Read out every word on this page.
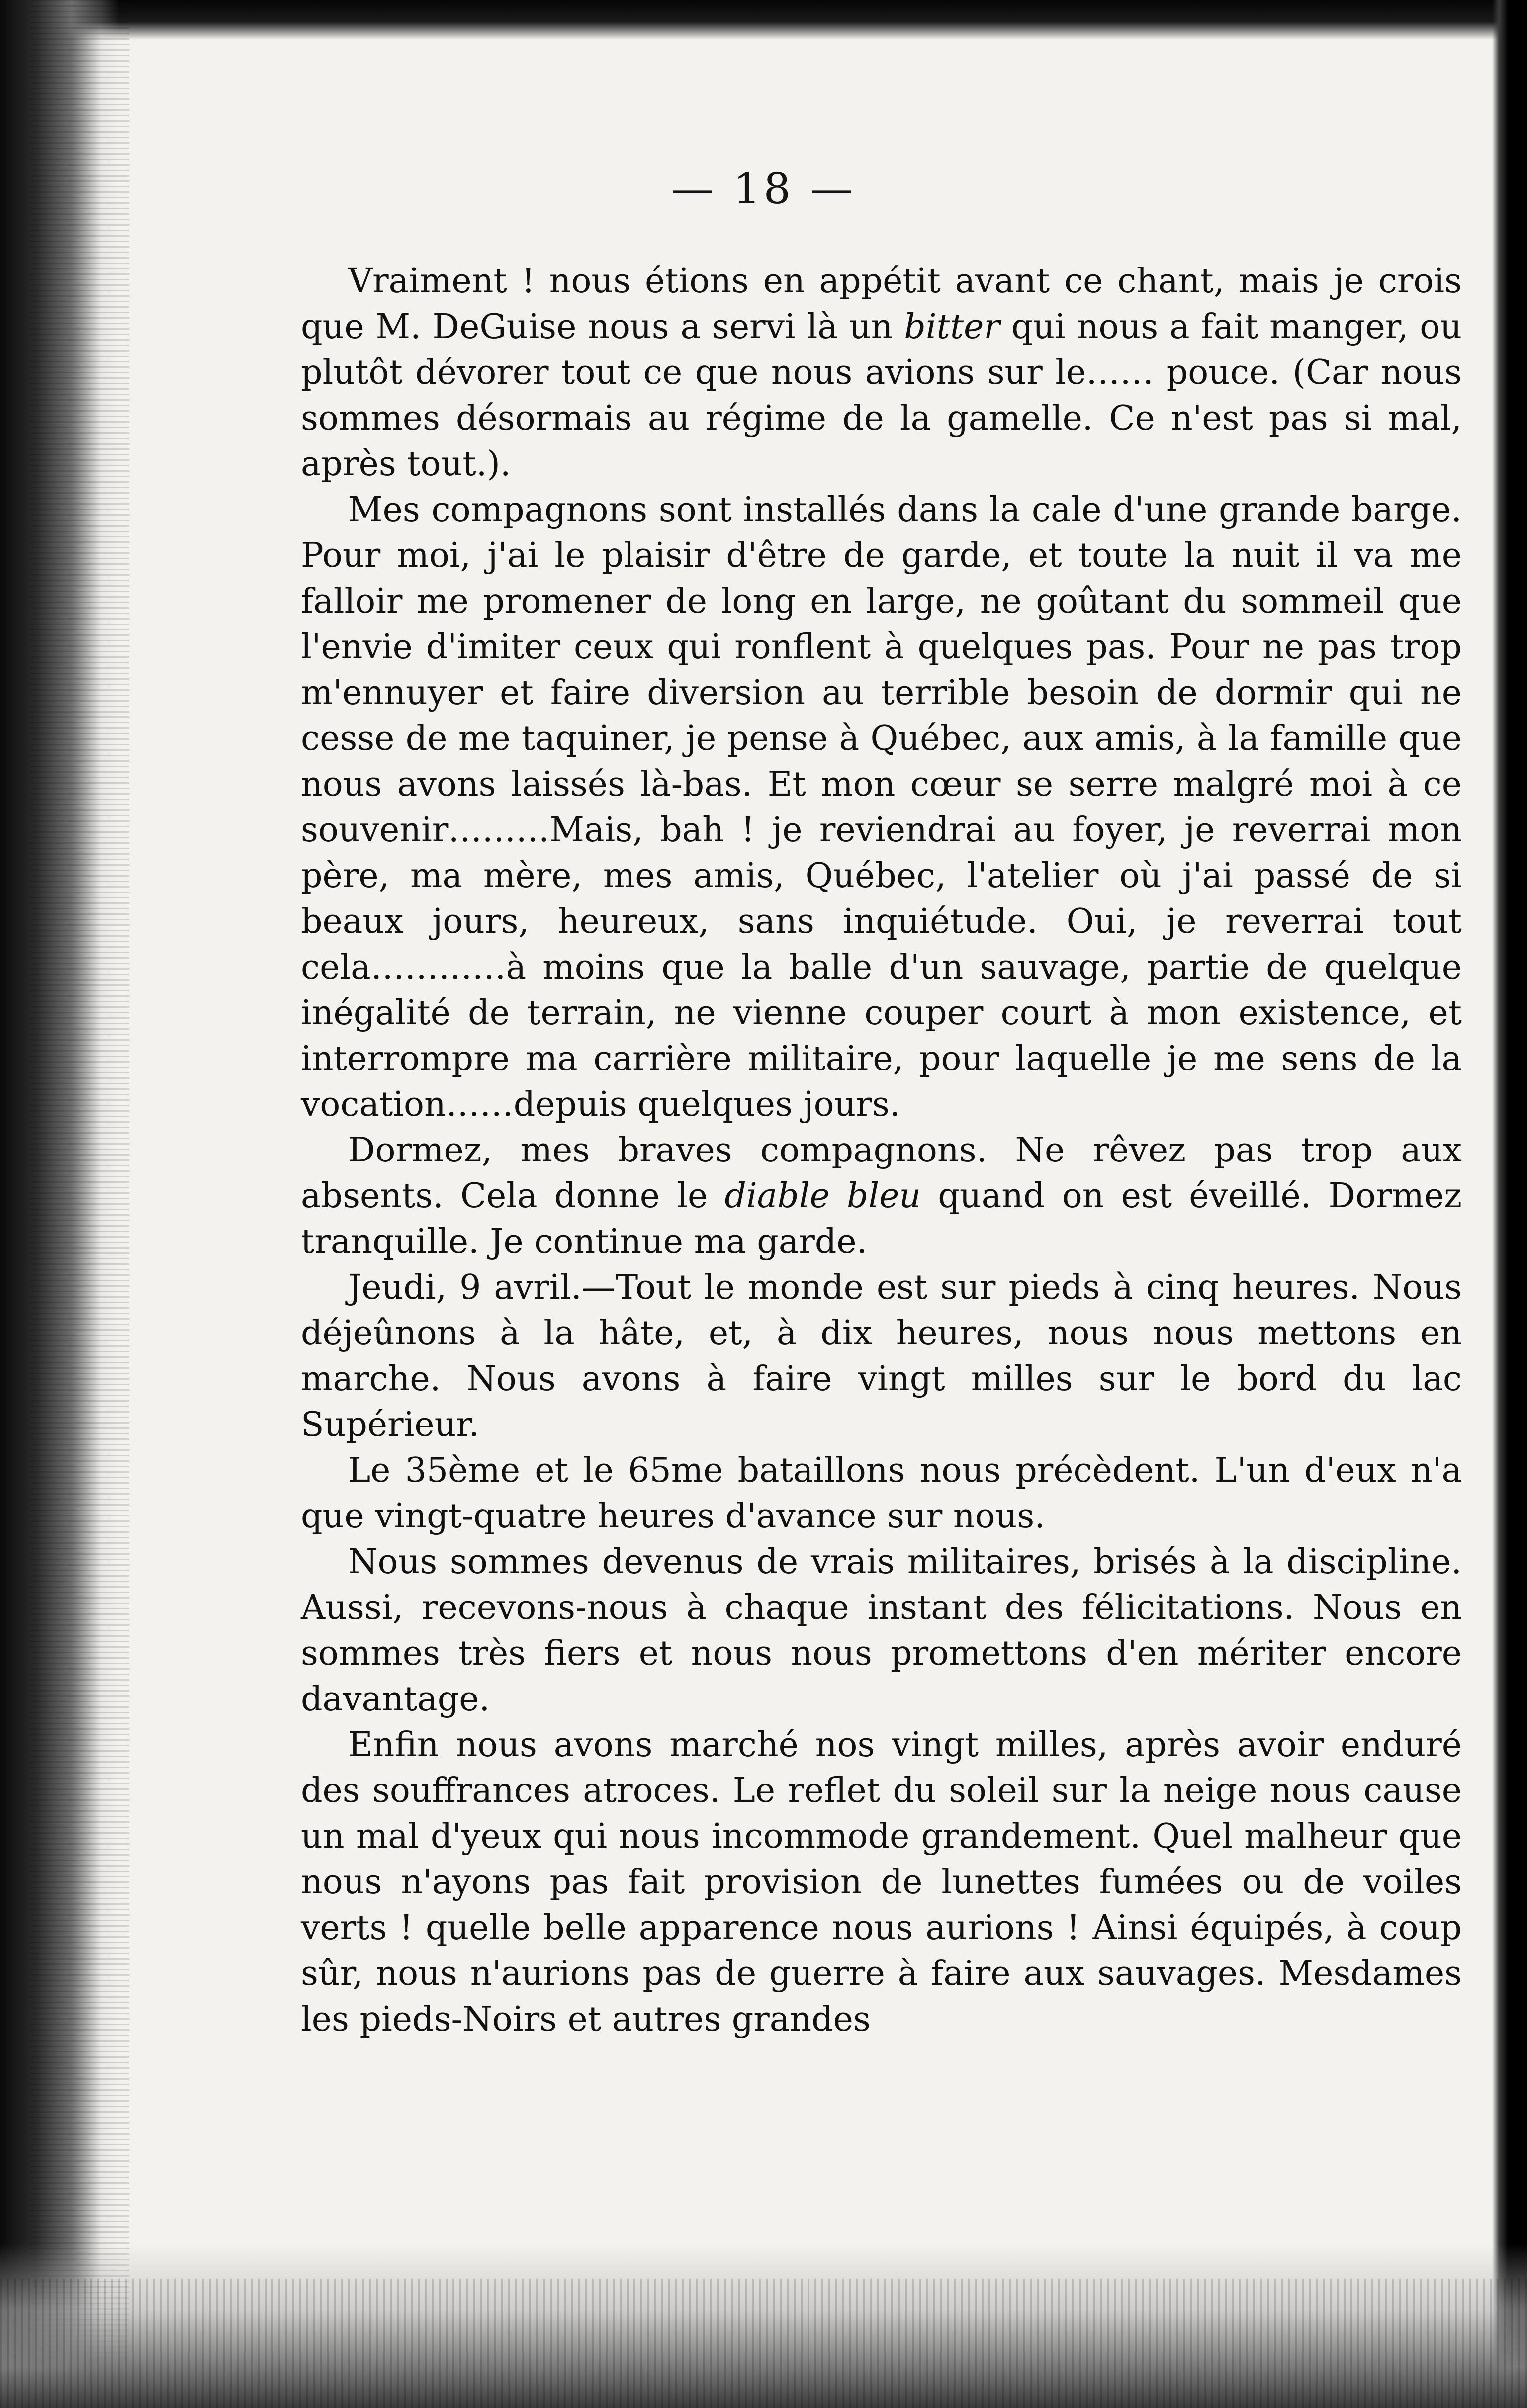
— 18 —

Vraiment ! nous étions en appétit avant ce chant, mais je crois que M. DeGuise nous a servi là un bitter qui nous a fait manger, ou plutôt dévorer tout ce que nous avions sur le…… pouce. (Car nous sommes désormais au régime de la gamelle. Ce n'est pas si mal, après tout.).

Mes compagnons sont installés dans la cale d'une grande barge. Pour moi, j'ai le plaisir d'être de garde, et toute la nuit il va me falloir me promener de long en large, ne goûtant du sommeil que l'envie d'imiter ceux qui ronflent à quelques pas. Pour ne pas trop m'ennuyer et faire diversion au terrible besoin de dormir qui ne cesse de me taquiner, je pense à Québec, aux amis, à la famille que nous avons laissés là-bas. Et mon cœur se serre malgré moi à ce souvenir………Mais, bah ! je reviendrai au foyer, je reverrai mon père, ma mère, mes amis, Québec, l'atelier où j'ai passé de si beaux jours, heureux, sans inquiétude. Oui, je reverrai tout cela…………à moins que la balle d'un sauvage, partie de quelque inégalité de terrain, ne vienne couper court à mon existence, et interrompre ma carrière militaire, pour laquelle je me sens de la vocation……depuis quelques jours.

Dormez, mes braves compagnons. Ne rêvez pas trop aux absents. Cela donne le diable bleu quand on est éveillé. Dormez tranquille. Je continue ma garde.

Jeudi, 9 avril.—Tout le monde est sur pieds à cinq heures. Nous déjeûnons à la hâte, et, à dix heures, nous nous mettons en marche. Nous avons à faire vingt milles sur le bord du lac Supérieur.

Le 35ème et le 65me bataillons nous précèdent. L'un d'eux n'a que vingt-quatre heures d'avance sur nous.

Nous sommes devenus de vrais militaires, brisés à la discipline. Aussi, recevons-nous à chaque instant des félicitations. Nous en sommes très fiers et nous nous promettons d'en mériter encore davantage.

Enfin nous avons marché nos vingt milles, après avoir enduré des souffrances atroces. Le reflet du soleil sur la neige nous cause un mal d'yeux qui nous incommode grandement. Quel malheur que nous n'ayons pas fait provision de lunettes fumées ou de voiles verts ! quelle belle apparence nous aurions ! Ainsi équipés, à coup sûr, nous n'aurions pas de guerre à faire aux sauvages. Mesdames les pieds-Noirs et autres grandes
